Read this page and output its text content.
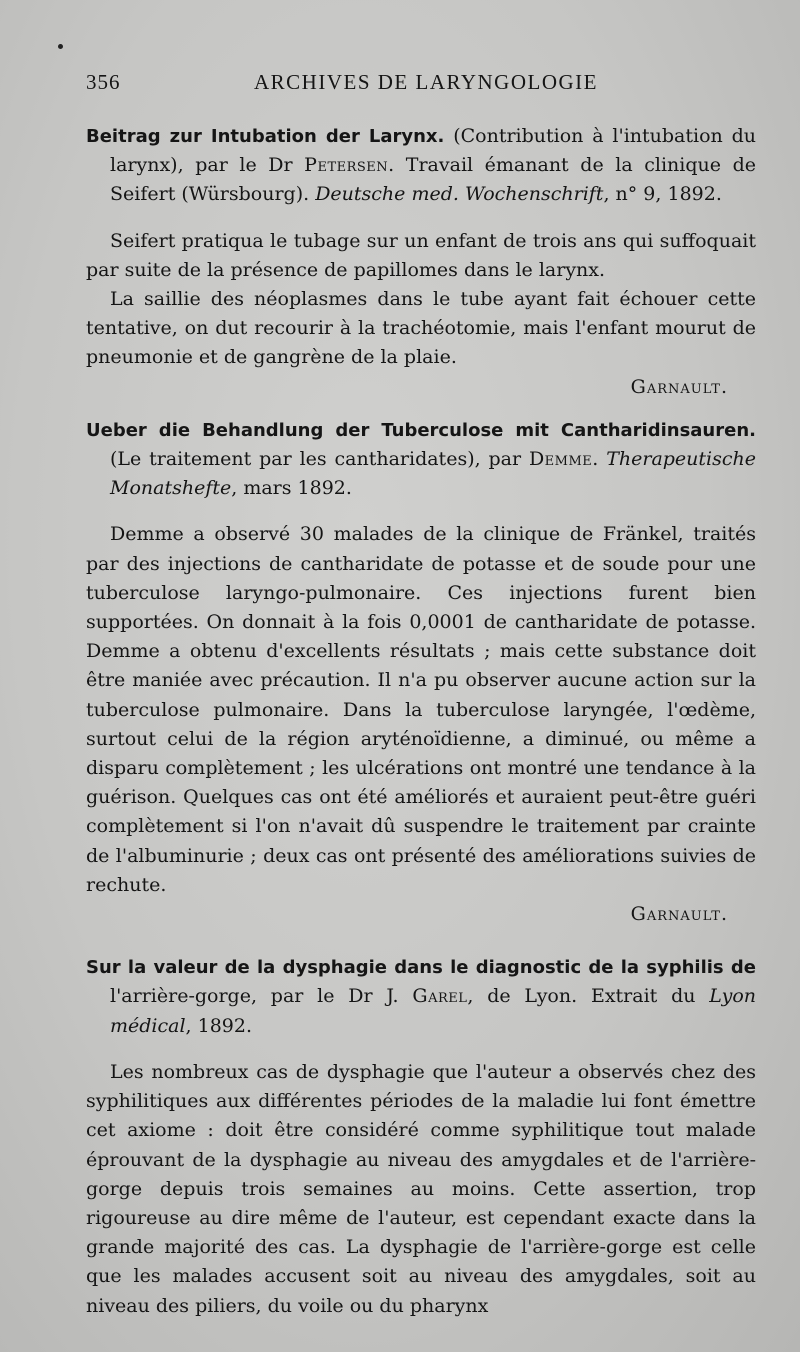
356	ARCHIVES DE LARYNGOLOGIE

Beitrag zur Intubation der Larynx. (Contribution à l'intubation du larynx), par le Dr Petersen. Travail émanant de la clinique de Seifert (Würsbourg). Deutsche med. Wochenschrift, n° 9, 1892.

Seifert pratiqua le tubage sur un enfant de trois ans qui suffoquait par suite de la présence de papillomes dans le larynx.

La saillie des néoplasmes dans le tube ayant fait échouer cette tentative, on dut recourir à la trachéotomie, mais l'enfant mourut de pneumonie et de gangrène de la plaie.

Garnault.

Ueber die Behandlung der Tuberculose mit Cantharidinsauren. (Le traitement par les cantharidates), par Demme. Therapeutische Monatshefte, mars 1892.

Demme a observé 30 malades de la clinique de Fränkel, traités par des injections de cantharidate de potasse et de soude pour une tuberculose laryngo-pulmonaire. Ces injections furent bien supportées. On donnait à la fois 0,0001 de cantharidate de potasse. Demme a obtenu d'excellents résultats ; mais cette substance doit être maniée avec précaution. Il n'a pu observer aucune action sur la tuberculose pulmonaire. Dans la tuberculose laryngée, l'œdème, surtout celui de la région aryténoïdienne, a diminué, ou même a disparu complètement ; les ulcérations ont montré une tendance à la guérison. Quelques cas ont été améliorés et auraient peut-être guéri complètement si l'on n'avait dû suspendre le traitement par crainte de l'albuminurie ; deux cas ont présenté des améliorations suivies de rechute.

Garnault.

Sur la valeur de la dysphagie dans le diagnostic de la syphilis de l'arrière-gorge, par le Dr J. Garel, de Lyon. Extrait du Lyon médical, 1892.

Les nombreux cas de dysphagie que l'auteur a observés chez des syphilitiques aux différentes périodes de la maladie lui font émettre cet axiome : doit être considéré comme syphilitique tout malade éprouvant de la dysphagie au niveau des amygdales et de l'arrière-gorge depuis trois semaines au moins. Cette assertion, trop rigoureuse au dire même de l'auteur, est cependant exacte dans la grande majorité des cas. La dysphagie de l'arrière-gorge est celle que les malades accusent soit au niveau des amygdales, soit au niveau des piliers, du voile ou du pharynx
